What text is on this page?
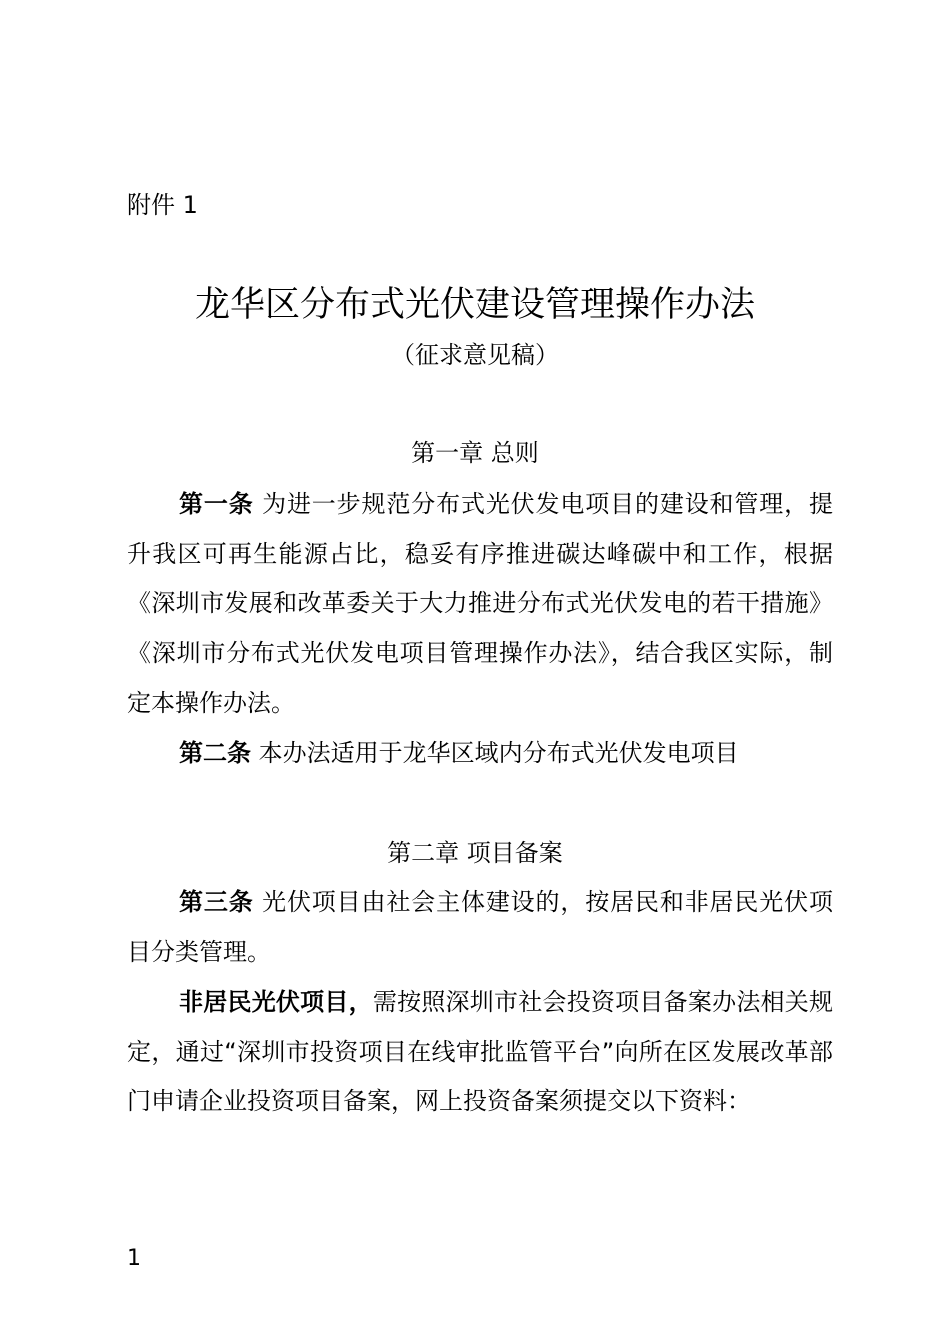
附件 1
龙华区分布式光伏建设管理操作办法
（征求意见稿）
第一章 总则
第一条 为进一步规范分布式光伏发电项目的建设和管理，提升我区可再生能源占比，稳妥有序推进碳达峰碳中和工作，根据《深圳市发展和改革委关于大力推进分布式光伏发电的若干措施》《深圳市分布式光伏发电项目管理操作办法》，结合我区实际，制定本操作办法。
第二条 本办法适用于龙华区域内分布式光伏发电项目
第二章 项目备案
第三条 光伏项目由社会主体建设的，按居民和非居民光伏项目分类管理。
非居民光伏项目，需按照深圳市社会投资项目备案办法相关规定，通过“深圳市投资项目在线审批监管平台”向所在区发展改革部门申请企业投资项目备案，网上投资备案须提交以下资料：
1
